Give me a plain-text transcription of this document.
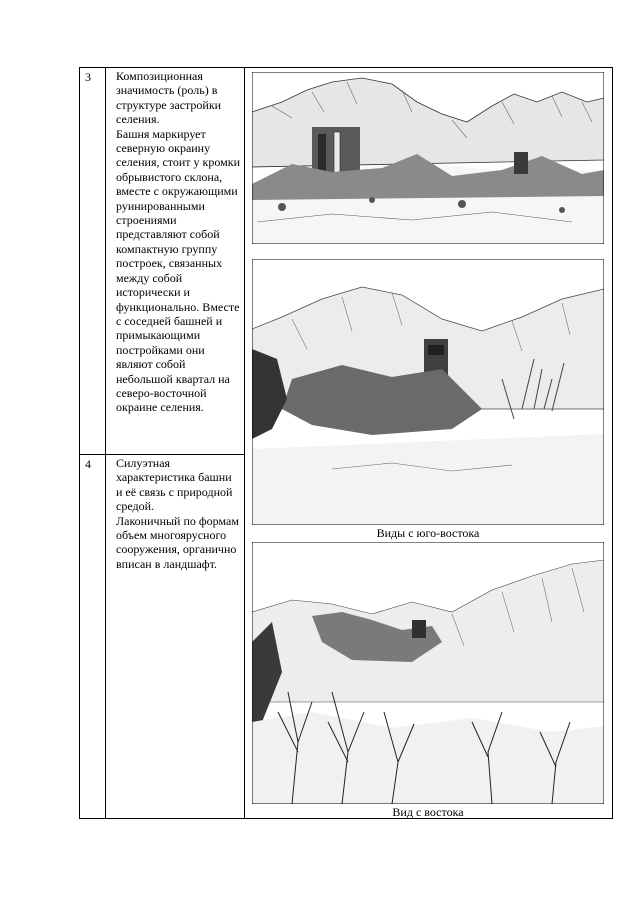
3 Композиционная значимость (роль) в структуре застройки селения.

Башня маркирует северную окраину селения, стоит у кромки обрывистого склона, вместе с окружающими руинированными строениями представляют собой компактную группу построек, связанных между собой исторически и функционально. Вместе с соседней башней и примыкающими постройками они являют собой небольшой квартал на северо-восточной окраине селения.

4 Силуэтная характеристика башни и её связь с природной средой.

Лаконичный по формам объем многоярусного сооружения, органично вписан в ландшафт.

Виды с юго-востока
Вид с востока
